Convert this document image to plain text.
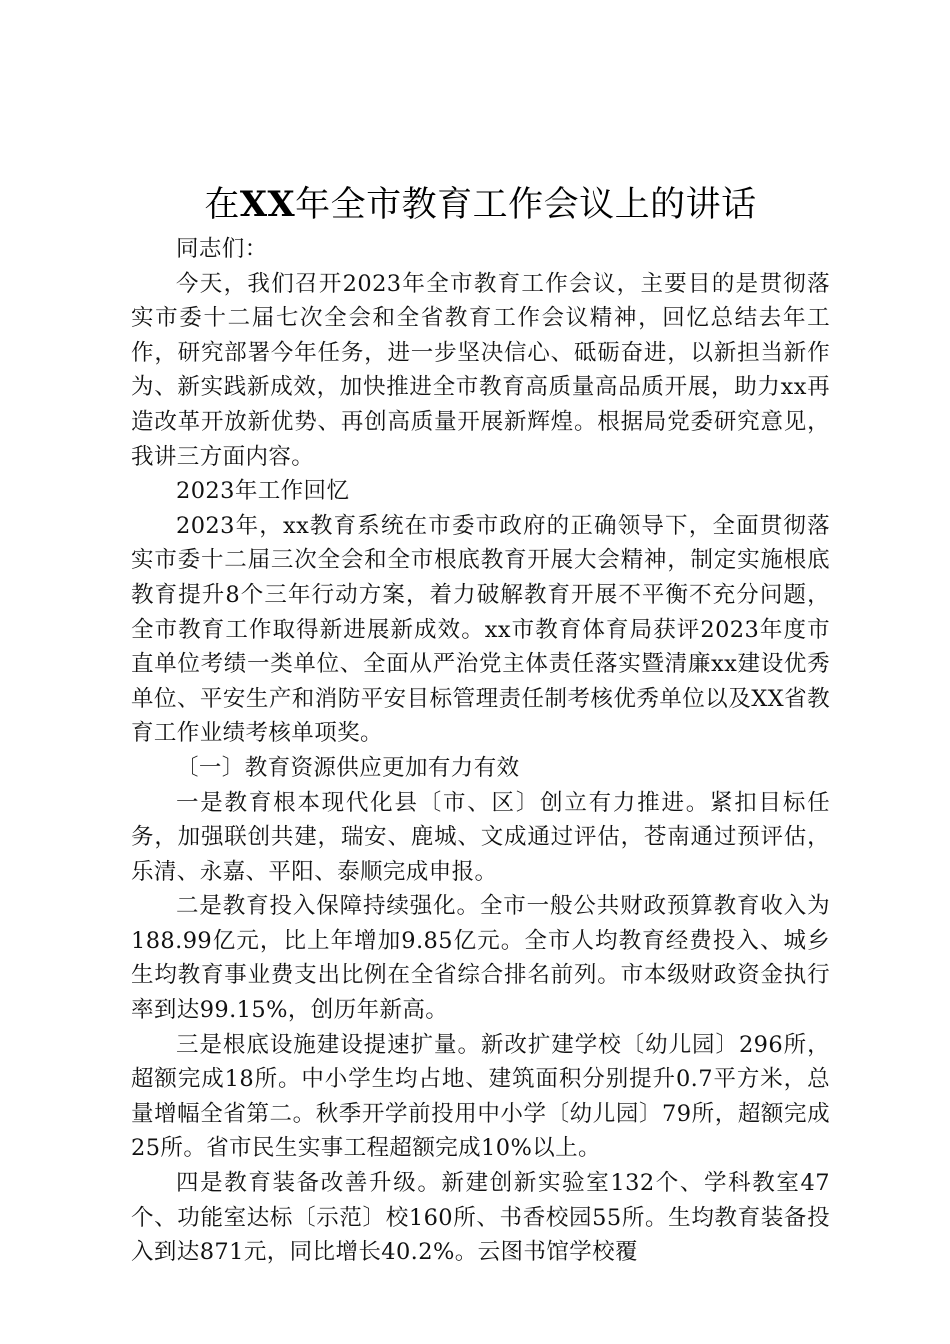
在XX年全市教育工作会议上的讲话

同志们：

今天，我们召开2023年全市教育工作会议，主要目的是贯彻落实市委十二届七次全会和全省教育工作会议精神，回忆总结去年工作，研究部署今年任务，进一步坚决信心、砥砺奋进，以新担当新作为、新实践新成效，加快推进全市教育高质量高品质开展，助力xx再造改革开放新优势、再创高质量开展新辉煌。根据局党委研究意见，我讲三方面内容。

2023年工作回忆

2023年，xx教育系统在市委市政府的正确领导下，全面贯彻落实市委十二届三次全会和全市根底教育开展大会精神，制定实施根底教育提升8个三年行动方案，着力破解教育开展不平衡不充分问题，全市教育工作取得新进展新成效。xx市教育体育局获评2023年度市直单位考绩一类单位、全面从严治党主体责任落实暨清廉xx建设优秀单位、平安生产和消防平安目标管理责任制考核优秀单位以及XX省教育工作业绩考核单项奖。

〔一〕教育资源供应更加有力有效

一是教育根本现代化县〔市、区〕创立有力推进。紧扣目标任务，加强联创共建，瑞安、鹿城、文成通过评估，苍南通过预评估，乐清、永嘉、平阳、泰顺完成申报。

二是教育投入保障持续强化。全市一般公共财政预算教育收入为188.99亿元，比上年增加9.85亿元。全市人均教育经费投入、城乡生均教育事业费支出比例在全省综合排名前列。市本级财政资金执行率到达99.15%，创历年新高。

三是根底设施建设提速扩量。新改扩建学校〔幼儿园〕296所，超额完成18所。中小学生均占地、建筑面积分别提升0.7平方米，总量增幅全省第二。秋季开学前投用中小学〔幼儿园〕79所，超额完成25所。省市民生实事工程超额完成10%以上。

四是教育装备改善升级。新建创新实验室132个、学科教室47个、功能室达标〔示范〕校160所、书香校园55所。生均教育装备投入到达871元，同比增长40.2%。云图书馆学校覆
